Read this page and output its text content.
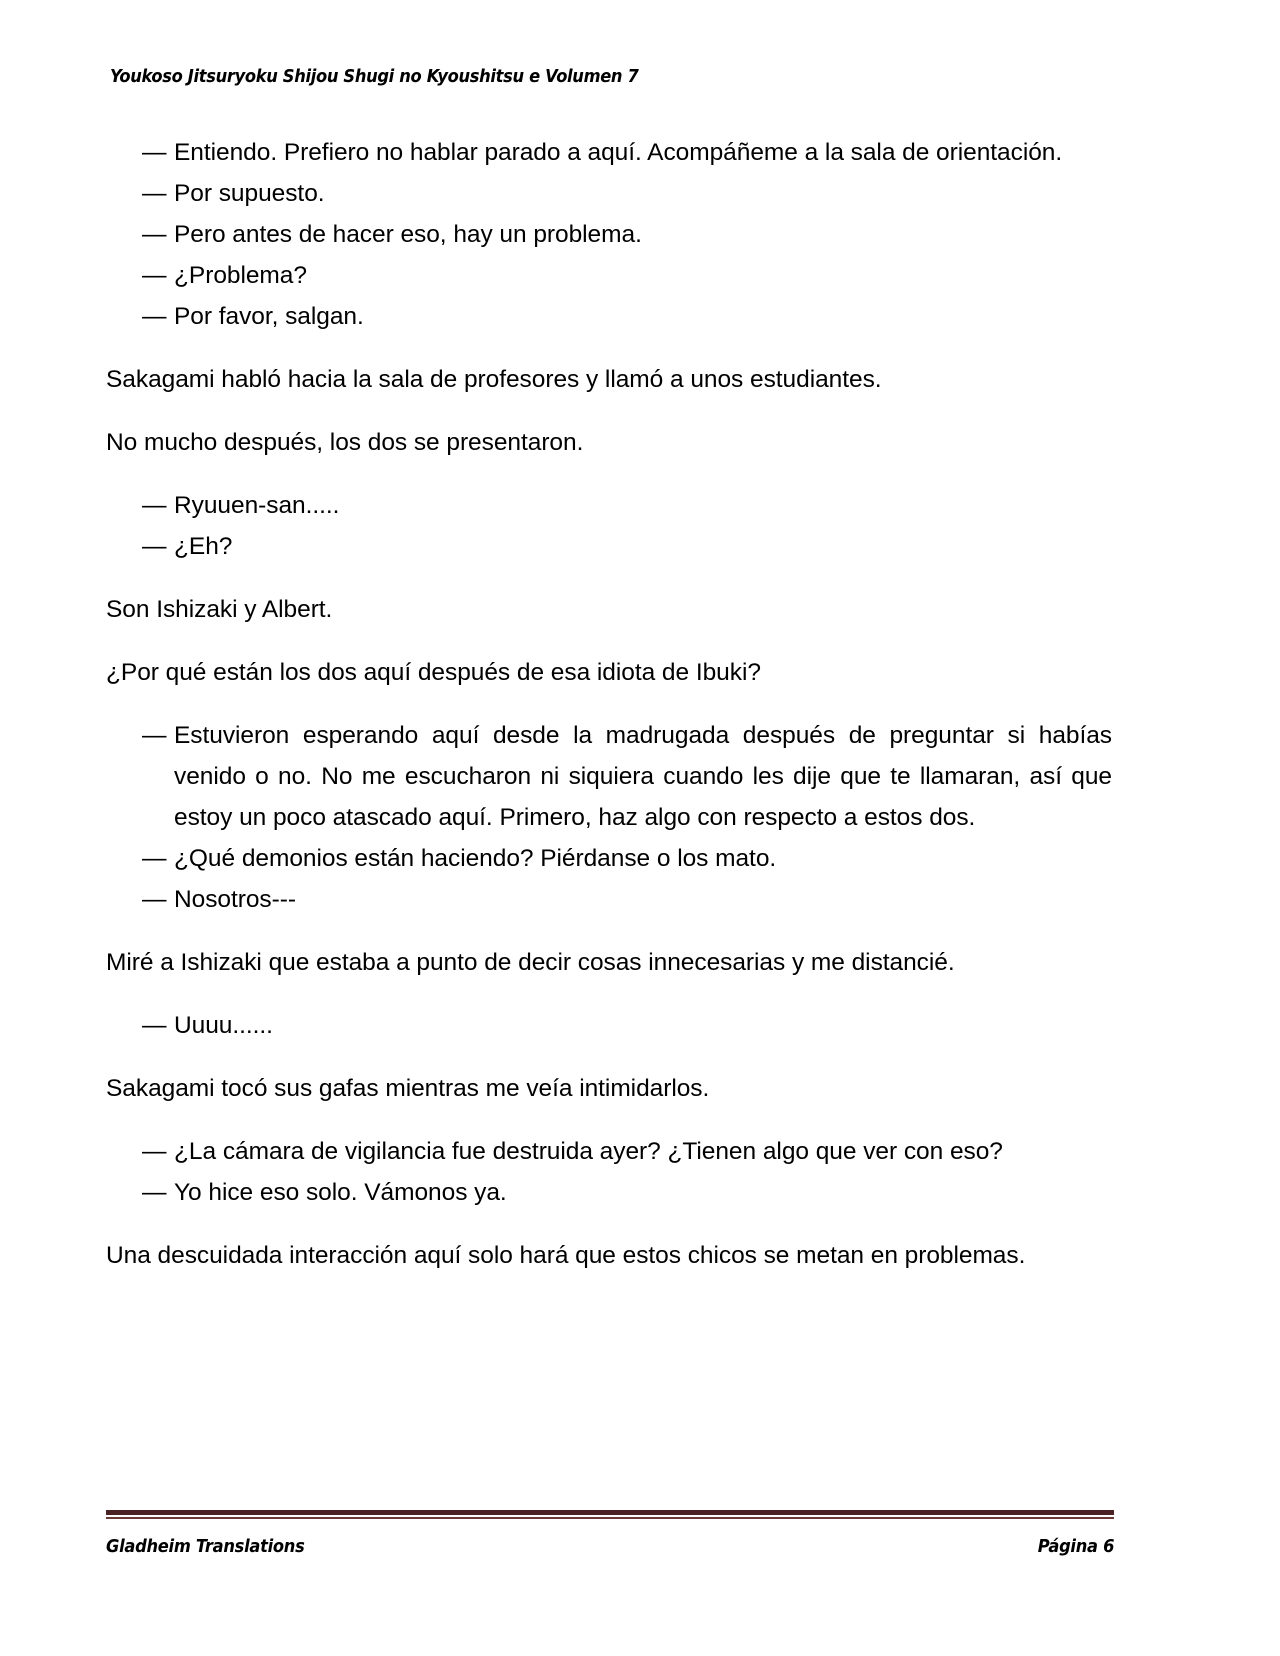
Youkoso Jitsuryoku Shijou Shugi no Kyoushitsu e Volumen 7

— Entiendo. Prefiero no hablar parado a aquí. Acompáñeme a la sala de orientación.

— Por supuesto.

— Pero antes de hacer eso, hay un problema.

— ¿Problema?

— Por favor, salgan.

Sakagami habló hacia la sala de profesores y llamó a unos estudiantes.

No mucho después, los dos se presentaron.

— Ryuuen-san.....

— ¿Eh?

Son Ishizaki y Albert.

¿Por qué están los dos aquí después de esa idiota de Ibuki?

— Estuvieron esperando aquí desde la madrugada después de preguntar si habías venido o no. No me escucharon ni siquiera cuando les dije que te llamaran, así que estoy un poco atascado aquí. Primero, haz algo con respecto a estos dos.

— ¿Qué demonios están haciendo? Piérdanse o los mato.

— Nosotros---

Miré a Ishizaki que estaba a punto de decir cosas innecesarias y me distancié.

— Uuuu......

Sakagami tocó sus gafas mientras me veía intimidarlos.

— ¿La cámara de vigilancia fue destruida ayer? ¿Tienen algo que ver con eso?

— Yo hice eso solo. Vámonos ya.

Una descuidada interacción aquí solo hará que estos chicos se metan en problemas.

Gladheim Translations	Página 6
